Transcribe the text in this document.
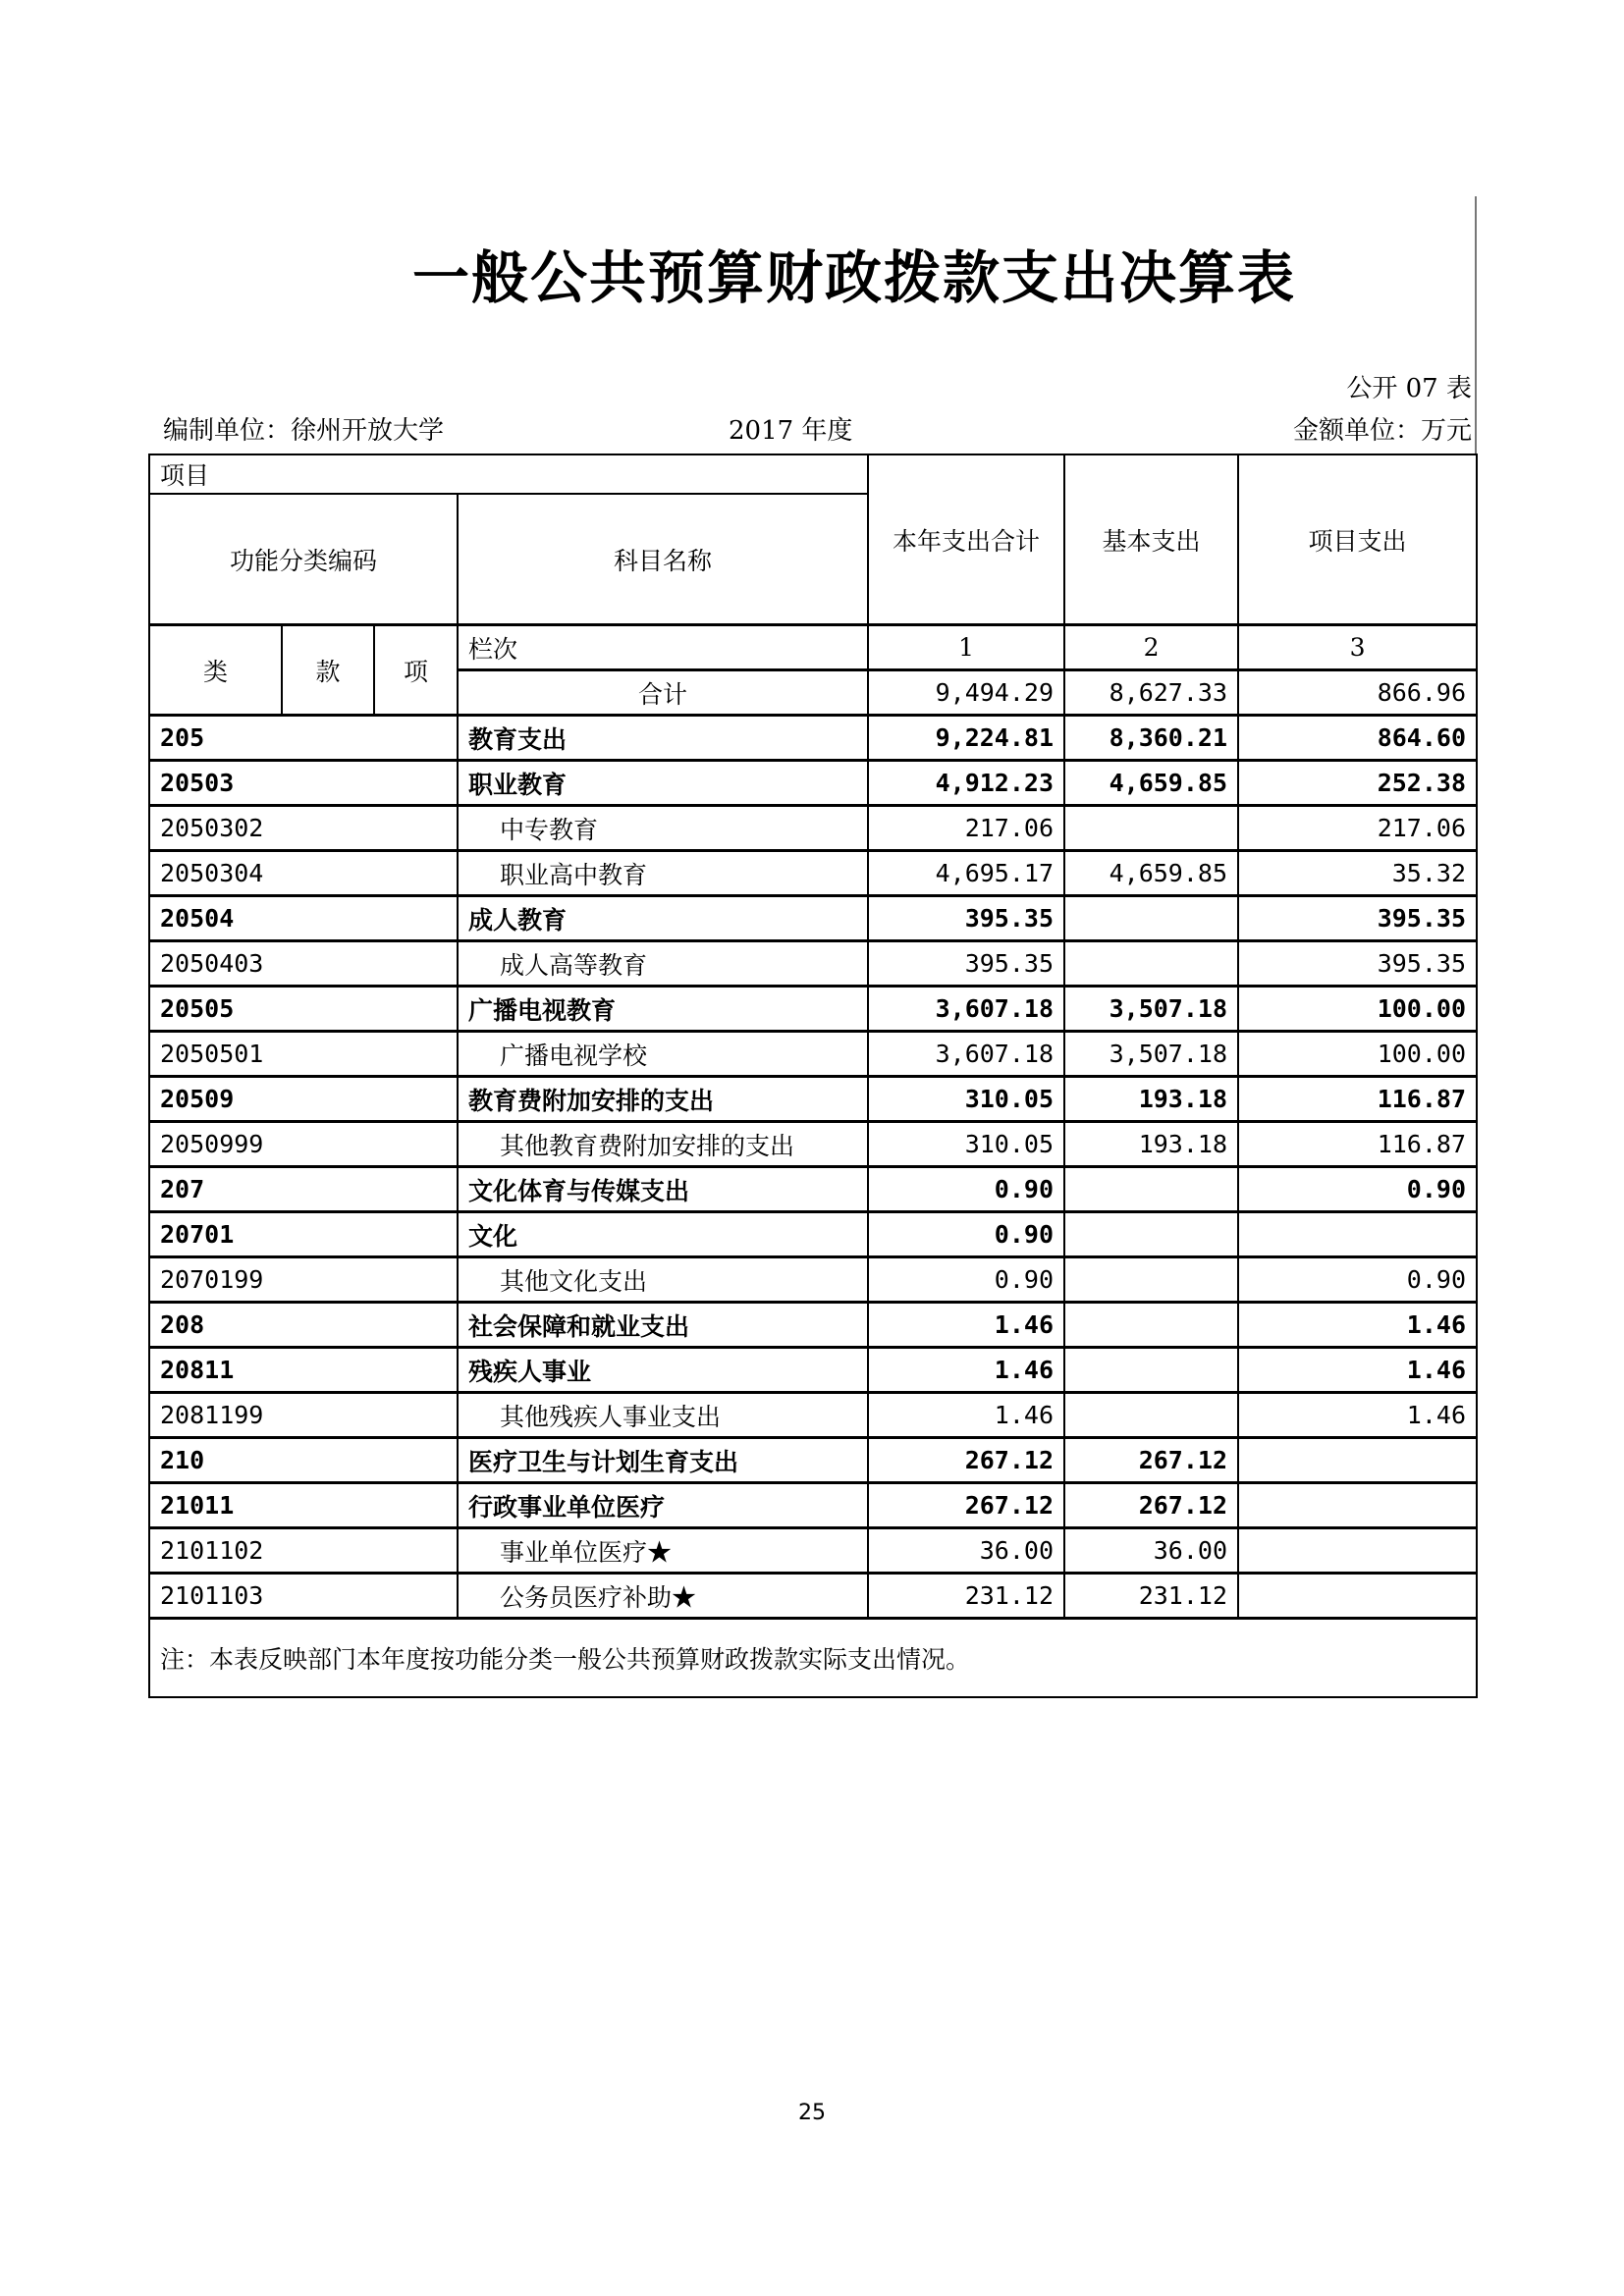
一般公共预算财政拨款支出决算表
公开 07 表
编制单位：徐州开放大学	2017 年度	金额单位：万元
项目				本年支出合计	基本支出	项目支出
功能分类编码			科目名称			
类	款	项	栏次	1	2	3
			合计	9,494.29	8,627.33	866.96
205			教育支出	9,224.81	8,360.21	864.60
20503			职业教育	4,912.23	4,659.85	252.38
2050302			中专教育	217.06		217.06
2050304			职业高中教育	4,695.17	4,659.85	35.32
20504			成人教育	395.35		395.35
2050403			成人高等教育	395.35		395.35
20505			广播电视教育	3,607.18	3,507.18	100.00
2050501			广播电视学校	3,607.18	3,507.18	100.00
20509			教育费附加安排的支出	310.05	193.18	116.87
2050999			其他教育费附加安排的支出	310.05	193.18	116.87
207			文化体育与传媒支出	0.90		0.90
20701			文化	0.90		
2070199			其他文化支出	0.90		0.90
208			社会保障和就业支出	1.46		1.46
20811			残疾人事业	1.46		1.46
2081199			其他残疾人事业支出	1.46		1.46
210			医疗卫生与计划生育支出	267.12	267.12	
21011			行政事业单位医疗	267.12	267.12	
2101102			事业单位医疗★	36.00	36.00	
2101103			公务员医疗补助★	231.12	231.12	
注：本表反映部门本年度按功能分类一般公共预算财政拨款实际支出情况。						
25
